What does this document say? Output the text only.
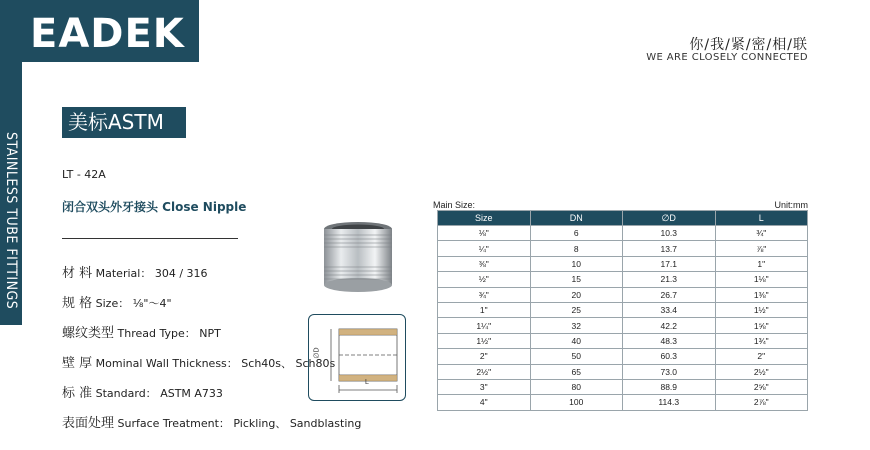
EADEK
STAINLESS TUBE FITTINGS
你/我/紧/密/相/联
WE ARE CLOSELY CONNECTED
美标ASTM
LT - 42A
闭合双头外牙接头 Close Nipple
材 料 Material： 304 / 316
规 格 Size： ⅛"～4"
螺纹类型 Thread Type： NPT
壁 厚 Mominal Wall Thickness： Sch40s、 Sch80s
标 准 Standard： ASTM A733
表面处理 Surface Treatment： Pickling、 Sandblasting
∅D
L
Main Size:	Unit:mm
Size	DN	∅D	L
⅛"	6	10.3	¾"
¼"	8	13.7	⅞"
⅜"	10	17.1	1"
½"	15	21.3	1⅛"
¾"	20	26.7	1⅜"
1"	25	33.4	1½"
1¼"	32	42.2	1⅝"
1½"	40	48.3	1¾"
2"	50	60.3	2"
2½"	65	73.0	2½"
3"	80	88.9	2⅝"
4"	100	114.3	2⅞"
